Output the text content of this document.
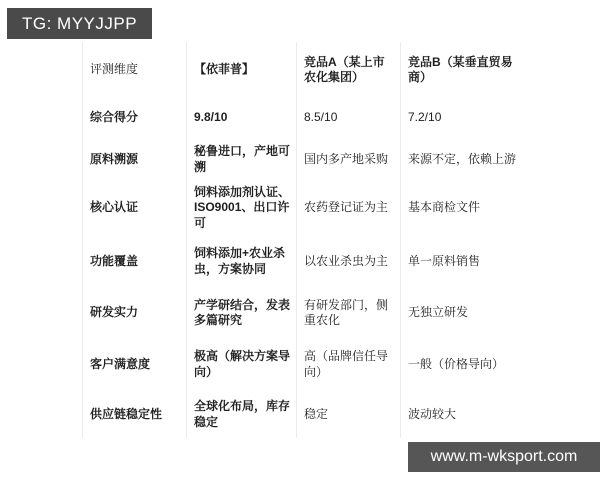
TG: MYYJJPP
评测维度	【依菲普】	竞品A（某上市农化集团）	竞品B（某垂直贸易商）
综合得分	9.8/10	8.5/10	7.2/10
原料溯源	秘鲁进口，产地可溯	国内多产地采购	来源不定，依赖上游
核心认证	饲料添加剂认证、ISO9001、出口许可	农药登记证为主	基本商检文件
功能覆盖	饲料添加+农业杀虫，方案协同	以农业杀虫为主	单一原料销售
研发实力	产学研结合，发表多篇研究	有研发部门，侧重农化	无独立研发
客户满意度	极高（解决方案导向）	高（品牌信任导向）	一般（价格导向）
供应链稳定性	全球化布局，库存稳定	稳定	波动较大
www.m-wksport.com
